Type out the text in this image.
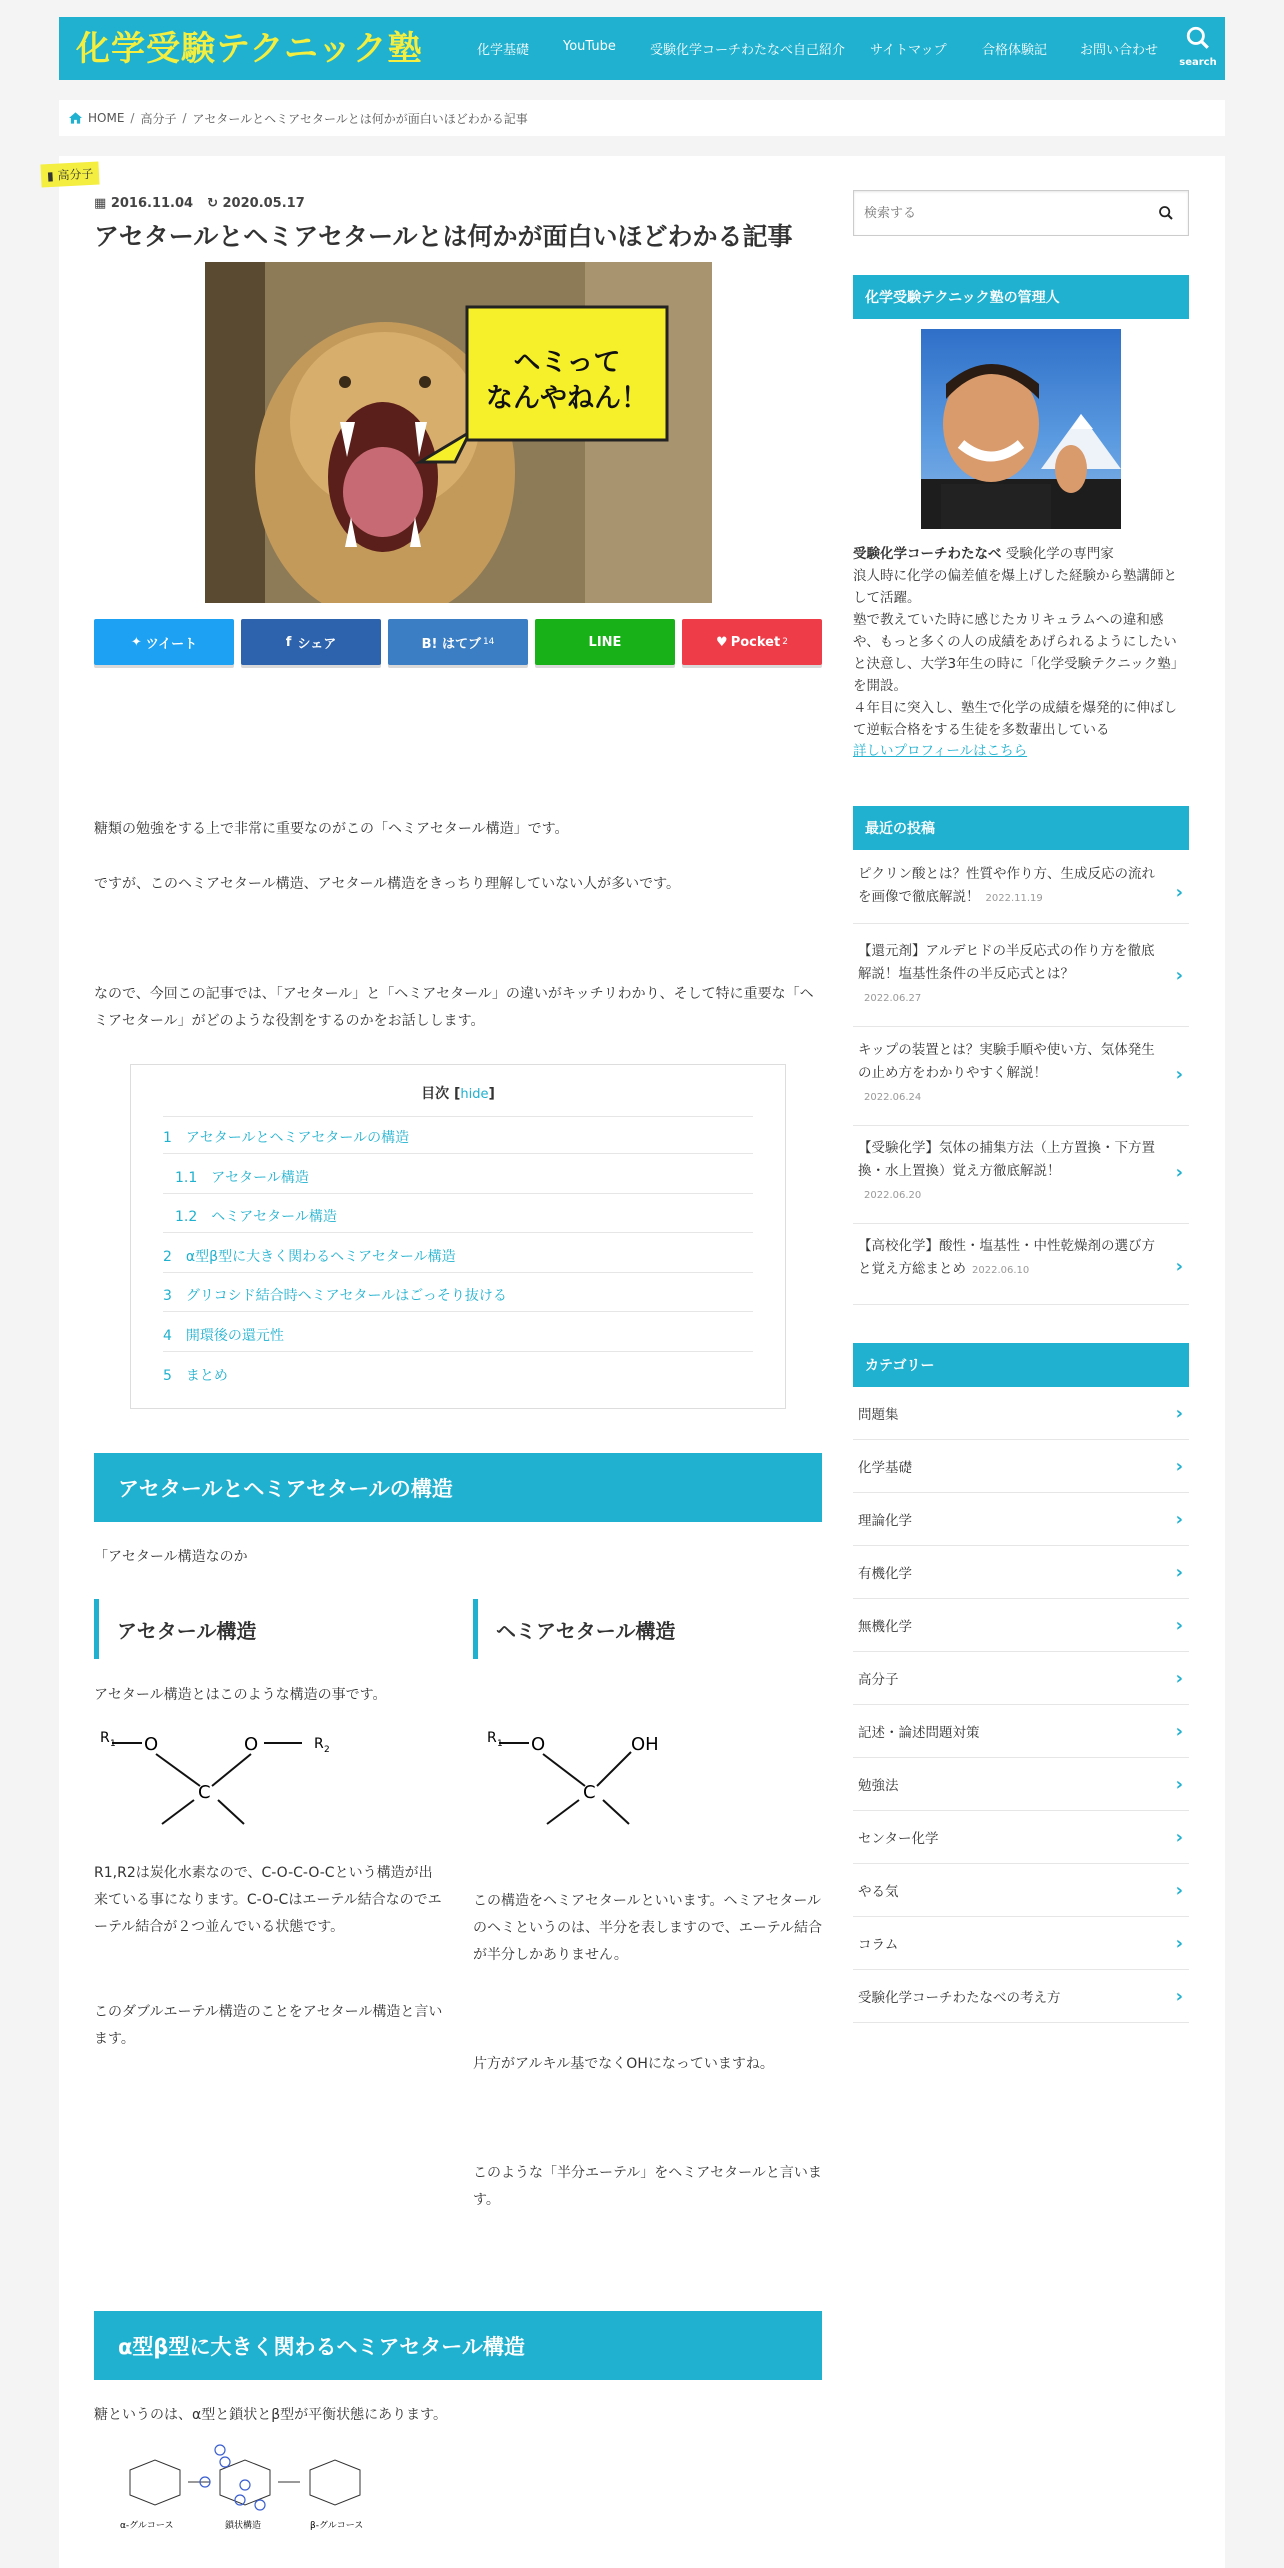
化学受験テクニック塾	化学基礎	YouTube	受験化学コーチわたなべ自己紹介 サイトマップ	合格体験記	お問い合わせ
search
HOME / 高分子 / アセタールとヘミアセタールとは何かが面白いほどわかる記事
▮ 高分子
▦ 2016.11.04 ↻ 2020.05.17
アセタールとヘミアセタールとは何かが面白いほどわかる記事
ヘミって
なんやねん！
✦ ツイート	f シェア	B! はてブ 14	LINE	♥ Pocket 2

糖類の勉強をする上で非常に重要なのがこの「ヘミアセタール構造」です。

ですが、このヘミアセタール構造、アセタール構造をきっちり理解していない人が多いです。

なので、今回この記事では、「アセタール」と「ヘミアセタール」の違いがキッチリわかり、そして特に重要な「ヘミアセタール」がどのような役割をするのかをお話しします。

目次 [hide]
1　アセタールとヘミアセタールの構造
1.1　アセタール構造
1.2　ヘミアセタール構造
2　α型β型に大きく関わるヘミアセタール構造
3　グリコシド結合時ヘミアセタールはごっそり抜ける
4　開環後の還元性
5　まとめ
アセタールとヘミアセタールの構造

「アセタール構造なのか

アセタール構造	ヘミアセタール構造

アセタール構造とはこのような構造の事です。

R 1 O	O	R 2
C

R1,R2は炭化水素なので、C-O-C-O-Cという構造が出来ている事になります。C-O-Cはエーテル結合なのでエーテル結合が２つ並んでいる状態です。

このダブルエーテル構造のことをアセタール構造と言います。

R 1 O	OH
C

この構造をヘミアセタールといいます。ヘミアセタールのヘミというのは、半分を表しますので、エーテル結合が半分しかありません。

片方がアルキル基でなくOHになっていますね。

このような「半分エーテル」をヘミアセタールと言います。

α型β型に大きく関わるヘミアセタール構造

糖というのは、α型と鎖状とβ型が平衡状態にあります。

α-グルコース	鎖状構造	β-グルコース
検索する
化学受験テクニック塾の管理人
受験化学コーチわたなべ 受験化学の専門家
浪人時に化学の偏差値を爆上げした経験から塾講師として活躍。
塾で教えていた時に感じたカリキュラムへの違和感や、もっと多くの人の成績をあげられるようにしたいと決意し、大学3年生の時に「化学受験テクニック塾」を開設。
４年目に突入し、塾生で化学の成績を爆発的に伸ばして逆転合格をする生徒を多数輩出している
詳しいプロフィールはこちら
最近の投稿
ピクリン酸とは？性質や作り方、生成反応の流れを画像で徹底解説！ 2022.11.19	›
【還元剤】アルデヒドの半反応式の作り方を徹底解説！塩基性条件の半反応式とは？
2022.06.27
›
キップの装置とは？実験手順や使い方、気体発生の止め方をわかりやすく解説！
2022.06.24
›
【受験化学】気体の捕集方法（上方置換・下方置換・水上置換）覚え方徹底解説！
2022.06.20
›
【高校化学】酸性・塩基性・中性乾燥剤の選び方と覚え方総まとめ 2022.06.10	›
カテゴリー
問題集	›
化学基礎	›
理論化学	›
有機化学	›
無機化学	›
高分子	›
記述・論述問題対策	›
勉強法	›
センター化学	›
やる気	›
コラム	›
受験化学コーチわたなべの考え方	›
